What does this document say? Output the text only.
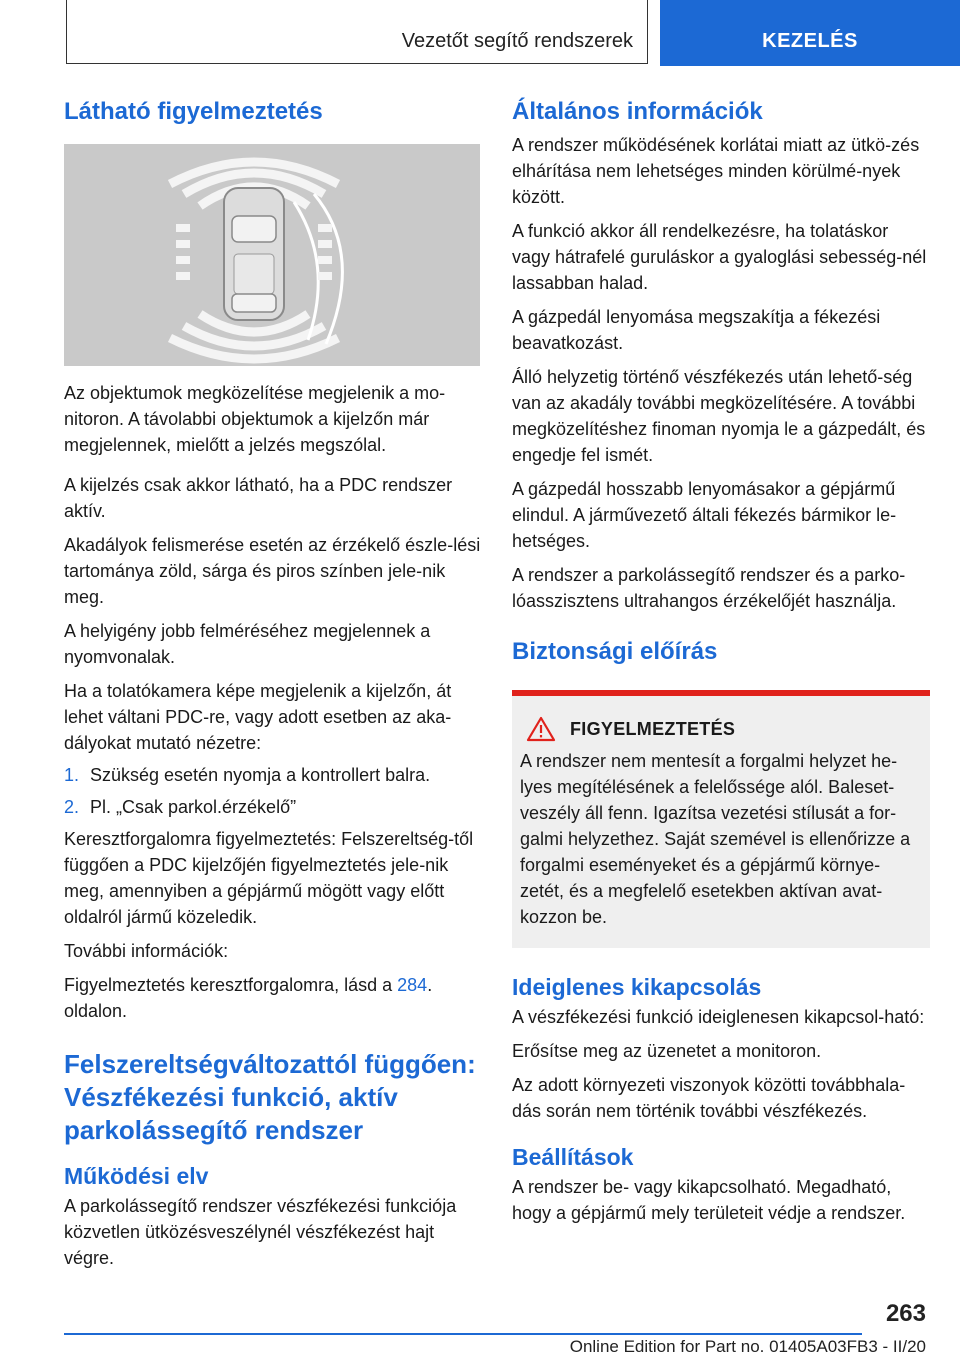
Vezetőt segítő rendszerek	KEZELÉS
Látható figyelmeztetés

Az objektumok megközelítése megjelenik a mo-nitoron. A távolabbi objektumok a kijelzőn már megjelennek, mielőtt a jelzés megszólal.

A kijelzés csak akkor látható, ha a PDC rendszer aktív.

Akadályok felismerése esetén az érzékelő észle-lési tartománya zöld, sárga és piros színben jele-nik meg.

A helyigény jobb felméréséhez megjelennek a nyomvonalak.

Ha a tolatókamera képe megjelenik a kijelzőn, át lehet váltani PDC-re, vagy adott esetben az aka-dályokat mutató nézetre:

1. Szükség esetén nyomja a kontrollert balra.
2. Pl. „Csak parkol.érzékelő”

Keresztforgalomra figyelmeztetés: Felszereltség-től függően a PDC kijelzőjén figyelmeztetés jele-nik meg, amennyiben a gépjármű mögött vagy előtt oldalról jármű közeledik.

További információk:

Figyelmeztetés keresztforgalomra, lásd a 284. oldalon.

Felszereltségváltozattól függően: Vészfékezési funkció, aktív parkolássegítő rendszer
Működési elv

A parkolássegítő rendszer vészfékezési funkciója közvetlen ütközésveszélynél vészfékezést hajt végre.

Általános információk

A rendszer működésének korlátai miatt az ütkö-zés elhárítása nem lehetséges minden körülmé-nyek között.

A funkció akkor áll rendelkezésre, ha tolatáskor vagy hátrafelé guruláskor a gyaloglási sebesség-nél lassabban halad.

A gázpedál lenyomása megszakítja a fékezési beavatkozást.

Álló helyzetig történő vészfékezés után lehető-ség van az akadály további megközelítésére. A további megközelítéshez finoman nyomja le a gázpedált, és engedje fel ismét.

A gázpedál hosszabb lenyomásakor a gépjármű elindul. A járművezető általi fékezés bármikor le-hetséges.

A rendszer a parkolássegítő rendszer és a parko-lóasszisztens ultrahangos érzékelőjét használja.

Biztonsági előírás
FIGYELMEZTETÉS

A rendszer nem mentesít a forgalmi helyzet he-lyes megítélésének a felelőssége alól. Baleset-veszély áll fenn. Igazítsa vezetési stílusát a for-galmi helyzethez. Saját szemével is ellenőrizze a forgalmi eseményeket és a gépjármű környe-zetét, és a megfelelő esetekben aktívan avat-kozzon be.

Ideiglenes kikapcsolás

A vészfékezési funkció ideiglenesen kikapcsol-ható:

Erősítse meg az üzenetet a monitoron.

Az adott környezeti viszonyok közötti továbbhala-dás során nem történik további vészfékezés.

Beállítások

A rendszer be- vagy kikapcsolható. Megadható, hogy a gépjármű mely területeit védje a rendszer.

263
Online Edition for Part no. 01405A03FB3 - II/20
